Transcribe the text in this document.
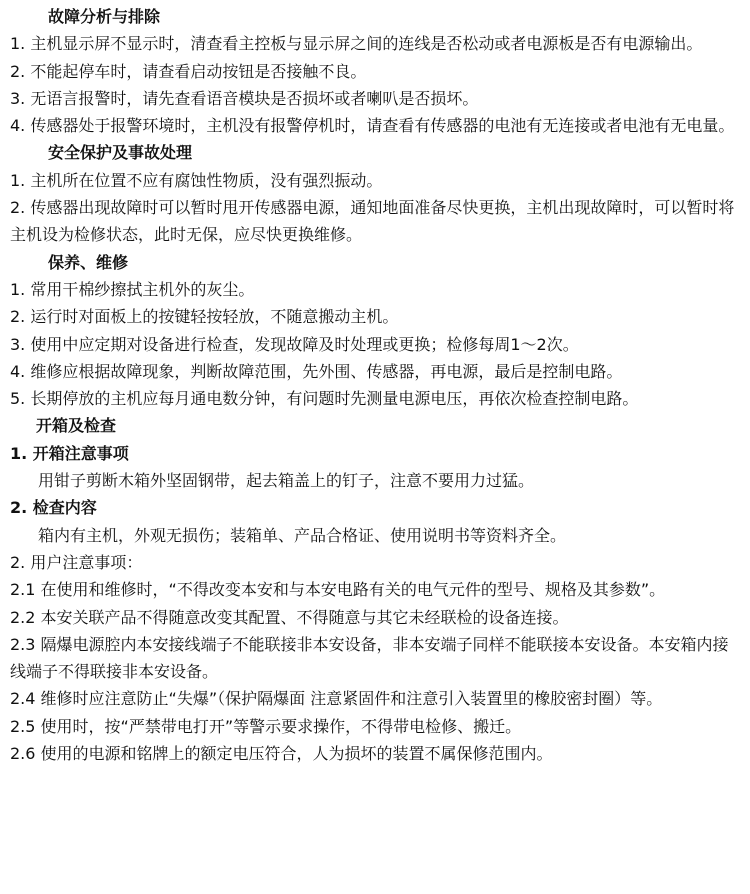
故障分析与排除
1. 主机显示屏不显示时，清查看主控板与显示屏之间的连线是否松动或者电源板是否有电源输出。
2. 不能起停车时，请查看启动按钮是否接触不良。
3. 无语言报警时，请先查看语音模块是否损坏或者喇叭是否损坏。
4. 传感器处于报警环境时，主机没有报警停机时，请查看有传感器的电池有无连接或者电池有无电量。
安全保护及事故处理
1. 主机所在位置不应有腐蚀性物质，没有强烈振动。
2. 传感器出现故障时可以暂时甩开传感器电源，通知地面准备尽快更换，主机出现故障时，可以暂时将主机设为检修状态，此时无保，应尽快更换维修。
保养、维修
1. 常用干棉纱擦拭主机外的灰尘。
2. 运行时对面板上的按键轻按轻放，不随意搬动主机。
3. 使用中应定期对设备进行检查，发现故障及时处理或更换；检修每周1～2次。
4. 维修应根据故障现象，判断故障范围，先外围、传感器，再电源，最后是控制电路。
5. 长期停放的主机应每月通电数分钟，有问题时先测量电源电压，再依次检查控制电路。
开箱及检查
1. 开箱注意事项
用钳子剪断木箱外坚固钢带，起去箱盖上的钉子，注意不要用力过猛。
2. 检查内容
箱内有主机，外观无损伤；装箱单、产品合格证、使用说明书等资料齐全。
2. 用户注意事项：
2.1 在使用和维修时，“不得改变本安和与本安电路有关的电气元件的型号、规格及其参数”。
2.2 本安关联产品不得随意改变其配置、不得随意与其它未经联检的设备连接。
2.3 隔爆电源腔内本安接线端子不能联接非本安设备，非本安端子同样不能联接本安设备。本安箱内接线端子不得联接非本安设备。
2.4 维修时应注意防止“失爆”（保护隔爆面 注意紧固件和注意引入装置里的橡胶密封圈）等。
2.5 使用时，按“严禁带电打开”等警示要求操作，不得带电检修、搬迁。
2.6 使用的电源和铭牌上的额定电压符合，人为损坏的装置不属保修范围内。
